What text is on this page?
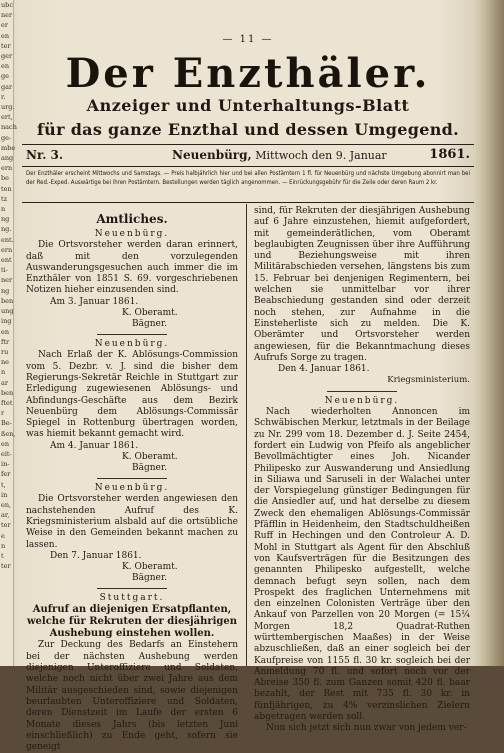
ubc
ner
er
en
ter
ger
en
ge
gar
r.
urg.
ert,
nach
ge-
mbe
ang
ern
be
ten
tz
n
ng
ng.
ent.
ern
ent
ti-
ner
ng
ben
ung
ing
en
ftr
ru
ne
n
ar
ben
ftet
r
Be-
ßen,
en
eit-
in-
fer
t,
in
en,
ar,
ter
e
n
t
ter
— 11 —
Der Enzthäler.
Anzeiger und Unterhaltungs-Blatt
für das ganze Enzthal und dessen Umgegend.
Nr. 3.	Neuenbürg, Mittwoch den 9. Januar	1861.
Der Enzthäler erscheint Mittwochs und Samstags. — Preis halbjährlich hier und bei allen Postämtern 1 fl. für Neuenbürg und nächste Umgebung abonnirt man bei der Red.-Exped. Auswärtige bei ihren Postämtern. Bestellungen werden täglich angenommen. — Einrückungsgebühr für die Zeile oder deren Raum 2 kr.

Amtliches.

Neuenbürg.

Die Ortsvorsteher werden daran erinnert, daß mit den vorzulegenden Auswanderungsgesuchen auch immer die im Enzthäler von 1851 S. 69. vorgeschriebenen Notizen hieher einzusenden sind.

Am 3. Januar 1861.

K. Oberamt.
Bägner.

Neuenbürg.

Nach Erlaß der K. Ablösungs-Commission vom 5. Dezbr. v. J. sind die bisher dem Regierungs-Sekretär Reichle in Stuttgart zur Erledigung zugewiesenen Ablösungs- und Abfindungs-Geschäfte aus dem Bezirk Neuenbürg dem Ablösungs-Commissär Spiegel in Rottenburg übertragen worden, was hiemit bekannt gemacht wird.

Am 4. Januar 1861.

K. Oberamt.
Bägner.

Neuenbürg.

Die Ortsvorsteher werden angewiesen den nachstehenden Aufruf des K. Kriegsministerium alsbald auf die ortsübliche Weise in den Gemeinden bekannt machen zu lassen.

Den 7. Januar 1861.

K. Oberamt.
Bägner.

Stuttgart.

Aufruf an diejenigen Ersatpflanten, welche für Rekruten der diesjährigen Aushebung einstehen wollen.

Zur Deckung des Bedarfs an Einstehern bei der nächsten Aushebung werden diejenigen Unteroffiziere und Soldaten, welche noch nicht über zwei Jahre aus dem Militär ausgeschieden sind, sowie diejenigen beurlaubten Unteroffiziere und Soldaten, deren Dienstzeit im Laufe der ersten 6 Monate dieses Jahrs (bis letzten Juni einschließlich) zu Ende geht, sofern sie geneigt

sind, für Rekruten der diesjährigen Aushebung auf 6 Jahre einzustehen, hiemit aufgefordert, mit gemeinderätlichen, vom Oberamt beglaubigten Zeugnissen über ihre Aufführung und Beziehungsweise mit ihren Militärabschieden versehen, längstens bis zum 15. Februar bei denjenigen Regimentern, bei welchen sie unmittelbar vor ihrer Beabschiedung gestanden sind oder derzeit noch stehen, zur Aufnahme in die Einsteherliste sich zu melden. Die K. Oberämter und Ortsvorsteher werden angewiesen, für die Bekanntmachung dieses Aufrufs Sorge zu tragen.

Den 4. Januar 1861.

Kriegsministerium.

Neuenbürg.

Nach wiederholten Annoncen im Schwäbischen Merkur, letztmals in der Beilage zu Nr. 299 vom 18. Dezember d. J. Seite 2454, fordert ein Ludwig von Pfeifo als angeblicher Bevollmächtigter eines Joh. Nicander Philipesko zur Auswanderung und Ansiedlung in Siliawa und Saruseli in der Walachei unter der Vorspiegelung günstiger Bedingungen für die Ansiedler auf, und hat derselbe zu diesem Zweck den ehemaligen Ablösungs-Commissär Pfäfflin in Heidenheim, den Stadtschuldheißen Ruff in Hechingen und den Controleur A. D. Mohl in Stuttgart als Agent für den Abschluß von Kaufsverträgen für die Besitzungen des genannten Philipesko aufgestellt, welche demnach befugt seyn sollen, nach dem Prospekt des fraglichen Unternehmens mit den einzelnen Colonisten Verträge über den Ankauf von Parzellen von 20 Morgen (= 15¼ Morgen 18,2 Quadrat-Ruthen württembergischen Maaßes) in der Weise abzuschließen, daß an einer sogleich bei der Kaufpreise von 1155 fl. 30 kr. sogleich bei der Anmeldung 70 fl. und sofort noch vor der Abreise 350 fl. zum Ganzen somit 420 fl. baar bezahlt, der Rest mit 735 fl. 30 kr. in fünfjährigen, zu 4% verzinslichen Zielern abgetragen werden soll.

Nun sich jetzt sich nun zwar von jedem ver-
